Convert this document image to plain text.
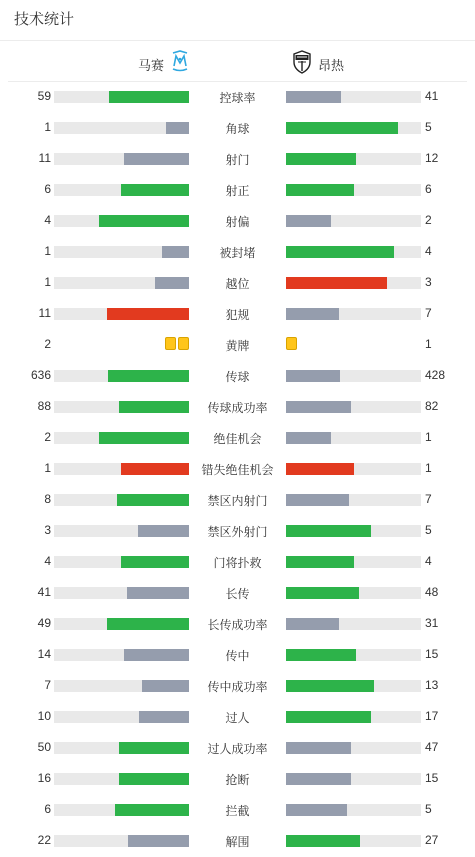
技术统计
马赛	昂热
59	控球率	41
1	角球	5
11	射门	12
6	射正	6
4	射偏	2
1	被封堵	4
1	越位	3
11	犯规	7
2	黄牌	1
636	传球	428
88	传球成功率	82
2	绝佳机会	1
1	错失绝佳机会	1
8	禁区内射门	7
3	禁区外射门	5
4	门将扑救	4
41	长传	48
49	长传成功率	31
14	传中	15
7	传中成功率	13
10	过人	17
50	过人成功率	47
16	抢断	15
6	拦截	5
22	解围	27
